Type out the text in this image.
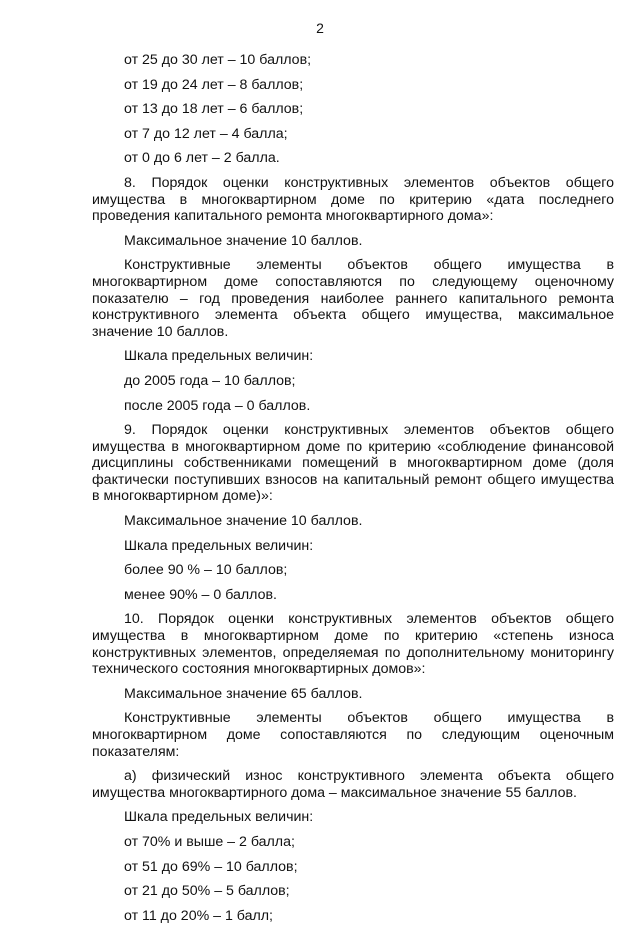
2

от 25 до 30 лет – 10 баллов;

от 19 до 24 лет – 8 баллов;

от 13 до 18 лет – 6 баллов;

от 7 до 12 лет – 4 балла;

от 0 до 6 лет – 2 балла.

8. Порядок оценки конструктивных элементов объектов общего имущества в многоквартирном доме по критерию «дата последнего проведения капитального ремонта многоквартирного дома»:

Максимальное значение 10 баллов.

Конструктивные элементы объектов общего имущества в многоквартирном доме сопоставляются по следующему оценочному показателю – год проведения наиболее раннего капитального ремонта конструктивного элемента объекта общего имущества, максимальное значение 10 баллов.

Шкала предельных величин:

до 2005 года – 10 баллов;

после 2005 года – 0 баллов.

9. Порядок оценки конструктивных элементов объектов общего имущества в многоквартирном доме по критерию «соблюдение финансовой дисциплины собственниками помещений в многоквартирном доме (доля фактически поступивших взносов на капитальный ремонт общего имущества в многоквартирном доме)»:

Максимальное значение 10 баллов.

Шкала предельных величин:

более 90 % – 10 баллов;

менее 90% – 0 баллов.

10. Порядок оценки конструктивных элементов объектов общего имущества в многоквартирном доме по критерию «степень износа конструктивных элементов, определяемая по дополнительному мониторингу технического состояния многоквартирных домов»:

Максимальное значение 65 баллов.

Конструктивные элементы объектов общего имущества в многоквартирном доме сопоставляются по следующим оценочным показателям:

а) физический износ конструктивного элемента объекта общего имущества многоквартирного дома – максимальное значение 55 баллов.

Шкала предельных величин:

от 70% и выше – 2 балла;

от 51 до 69% – 10 баллов;

от 21 до 50% – 5 баллов;

от 11 до 20% – 1 балл;
